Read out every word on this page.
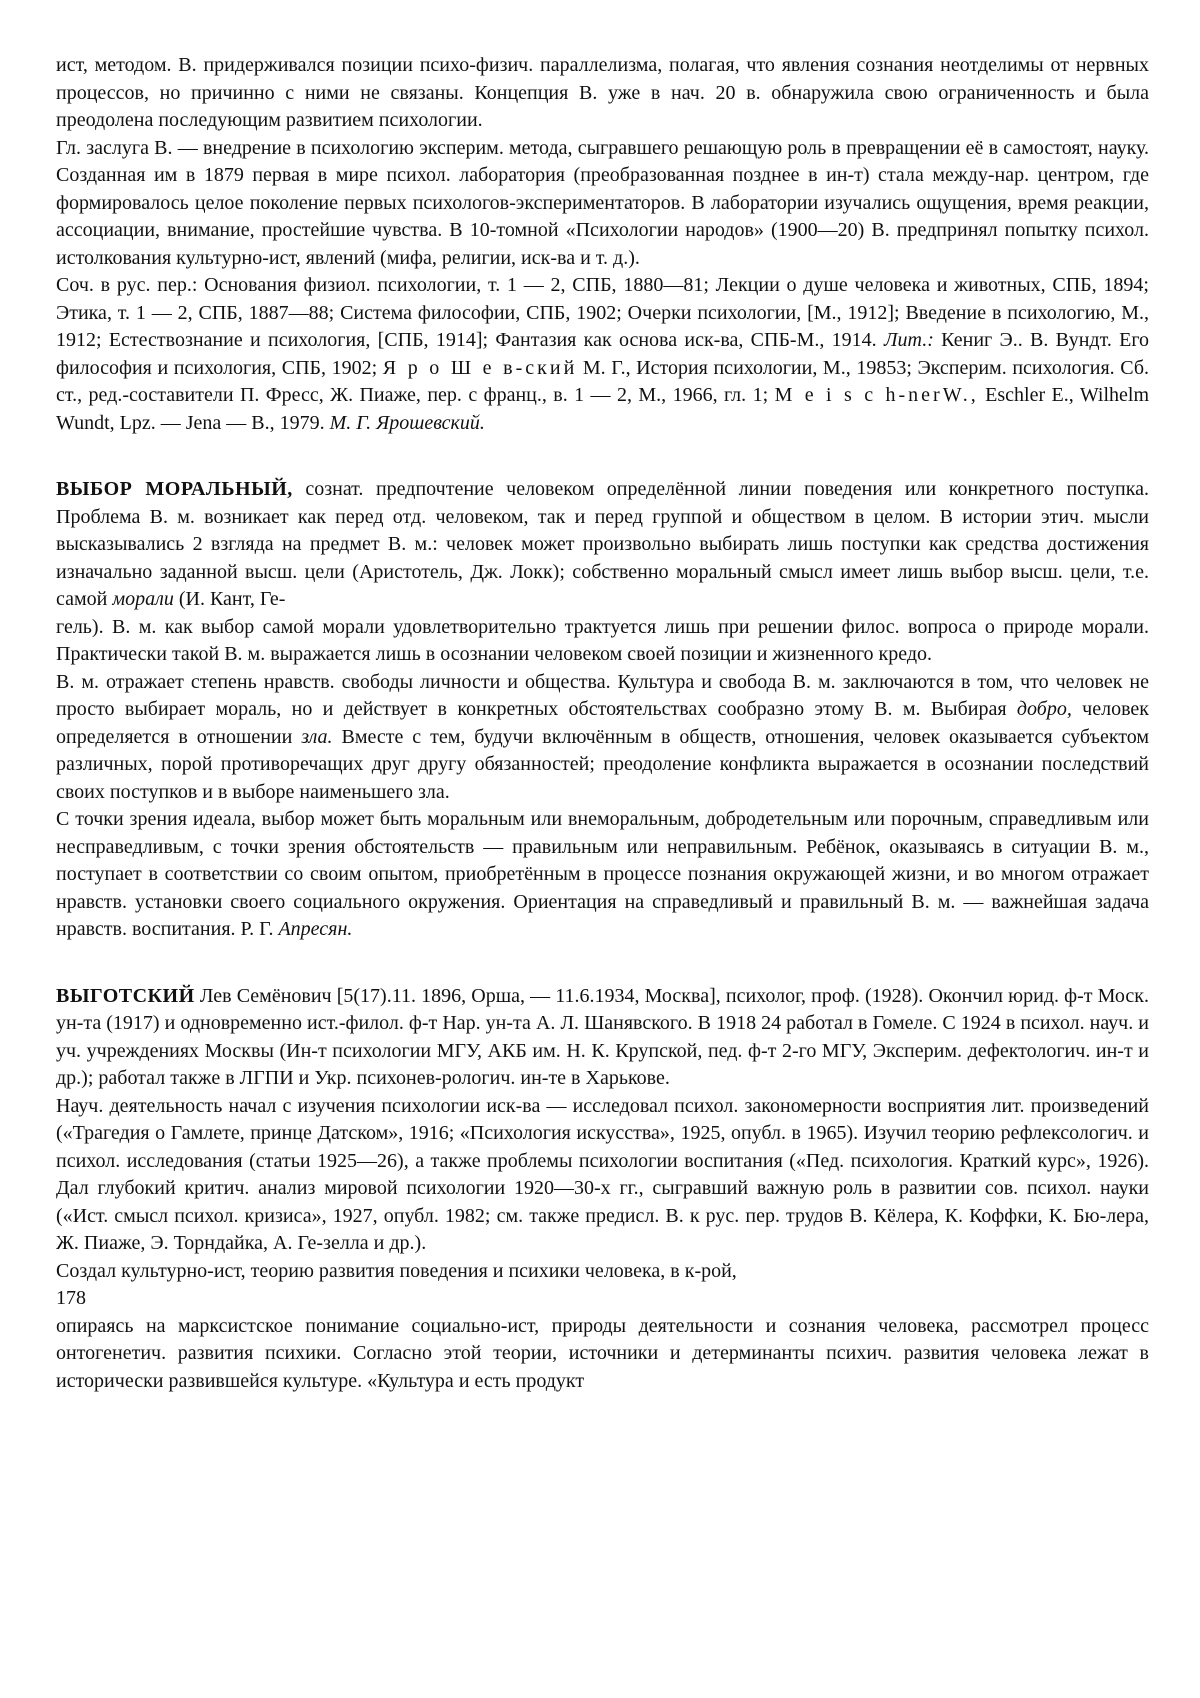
ист, методом. В. придерживался позиции психо-физич. параллелизма, полагая, что явления сознания неотделимы от нервных процессов, но причинно с ними не связаны. Концепция В. уже в нач. 20 в. обнаружила свою ограниченность и была преодолена последующим развитием психологии.

Гл. заслуга В. — внедрение в психологию эксперим. метода, сыгравшего решающую роль в превращении её в самостоят, науку. Созданная им в 1879 первая в мире психол. лаборатория (преобразованная позднее в ин-т) стала между-нар. центром, где формировалось целое поколение первых психологов-экспериментаторов. В лаборатории изучались ощущения, время реакции, ассоциации, внимание, простейшие чувства. В 10-томной «Психологии народов» (1900—20) В. предпринял попытку психол. истолкования культурно-ист, явлений (мифа, религии, иск-ва и т. д.).

Соч. в рус. пер.: Основания физиол. психологии, т. 1 — 2, СПБ, 1880—81; Лекции о душе человека и животных, СПБ, 1894; Этика, т. 1 — 2, СПБ, 1887—88; Система философии, СПБ, 1902; Очерки психологии, [М., 1912]; Введение в психологию, М., 1912; Естествознание и психология, [СПБ, 1914]; Фантазия как основа иск-ва, СПБ-М., 1914. Лит.: Кениг Э.. В. Вундт. Его философия и психология, СПБ, 1902; Я р о Ш е в-ский М. Г., История психологии, М., 19853; Эксперим. психология. Сб. ст., ред.-составители П. Фресс, Ж. Пиаже, пер. с франц., в. 1 — 2, М., 1966, гл. 1; M e i s c h-nerW., Eschler E., Wilhelm Wundt, Lpz. — Jena — B., 1979. М. Г. Ярошевский.

ВЫБОР МОРАЛЬНЫЙ, сознат. предпочтение человеком определённой линии поведения или конкретного поступка. Проблема В. м. возникает как перед отд. человеком, так и перед группой и обществом в целом. В истории этич. мысли высказывались 2 взгляда на предмет В. м.: человек может произвольно выбирать лишь поступки как средства достижения изначально заданной высш. цели (Аристотель, Дж. Локк); собственно моральный смысл имеет лишь выбор высш. цели, т.е. самой морали (И. Кант, Ге-

гель). В. м. как выбор самой морали удовлетворительно трактуется лишь при решении филос. вопроса о природе морали. Практически такой В. м. выражается лишь в осознании человеком своей позиции и жизненного кредо.

В. м. отражает степень нравств. свободы личности и общества. Культура и свобода В. м. заключаются в том, что человек не просто выбирает мораль, но и действует в конкретных обстоятельствах сообразно этому В. м. Выбирая добро, человек определяется в отношении зла. Вместе с тем, будучи включённым в обществ, отношения, человек оказывается субъектом различных, порой противоречащих друг другу обязанностей; преодоление конфликта выражается в осознании последствий своих поступков и в выборе наименьшего зла.

С точки зрения идеала, выбор может быть моральным или внеморальным, добродетельным или порочным, справедливым или несправедливым, с точки зрения обстоятельств — правильным или неправильным. Ребёнок, оказываясь в ситуации В. м., поступает в соответствии со своим опытом, приобретённым в процессе познания окружающей жизни, и во многом отражает нравств. установки своего социального окружения. Ориентация на справедливый и правильный В. м. — важнейшая задача нравств. воспитания. Р. Г. Апресян.

ВЫГОТСКИЙ Лев Семёнович [5(17).11. 1896, Орша, — 11.6.1934, Москва], психолог, проф. (1928). Окончил юрид. ф-т Моск. ун-та (1917) и одновременно ист.-филол. ф-т Нар. ун-та А. Л. Шанявского. В 1918 24 работал в Гомеле. С 1924 в психол. науч. и уч. учреждениях Москвы (Ин-т психологии МГУ, АКБ им. Н. К. Крупской, пед. ф-т 2-го МГУ, Эксперим. дефектологич. ин-т и др.); работал также в ЛГПИ и Укр. психонев-рологич. ин-те в Харькове.

Науч. деятельность начал с изучения психологии иск-ва — исследовал психол. закономерности восприятия лит. произведений («Трагедия о Гамлете, принце Датском», 1916; «Психология искусства», 1925, опубл. в 1965). Изучил теорию рефлексологич. и психол. исследования (статьи 1925—26), а также проблемы психологии воспитания («Пед. психология. Краткий курс», 1926). Дал глубокий критич. анализ мировой психологии 1920—30-х гг., сыгравший важную роль в развитии сов. психол. науки («Ист. смысл психол. кризиса», 1927, опубл. 1982; см. также предисл. В. к рус. пер. трудов В. Кёлера, К. Коффки, К. Бю-лера, Ж. Пиаже, Э. Торндайка, А. Ге-зелла и др.).

Создал культурно-ист, теорию развития поведения и психики человека, в к-рой,

178

опираясь на марксистское понимание социально-ист, природы деятельности и сознания человека, рассмотрел процесс онтогенетич. развития психики. Согласно этой теории, источники и детерминанты психич. развития человека лежат в исторически развившейся культуре. «Культура и есть продукт
